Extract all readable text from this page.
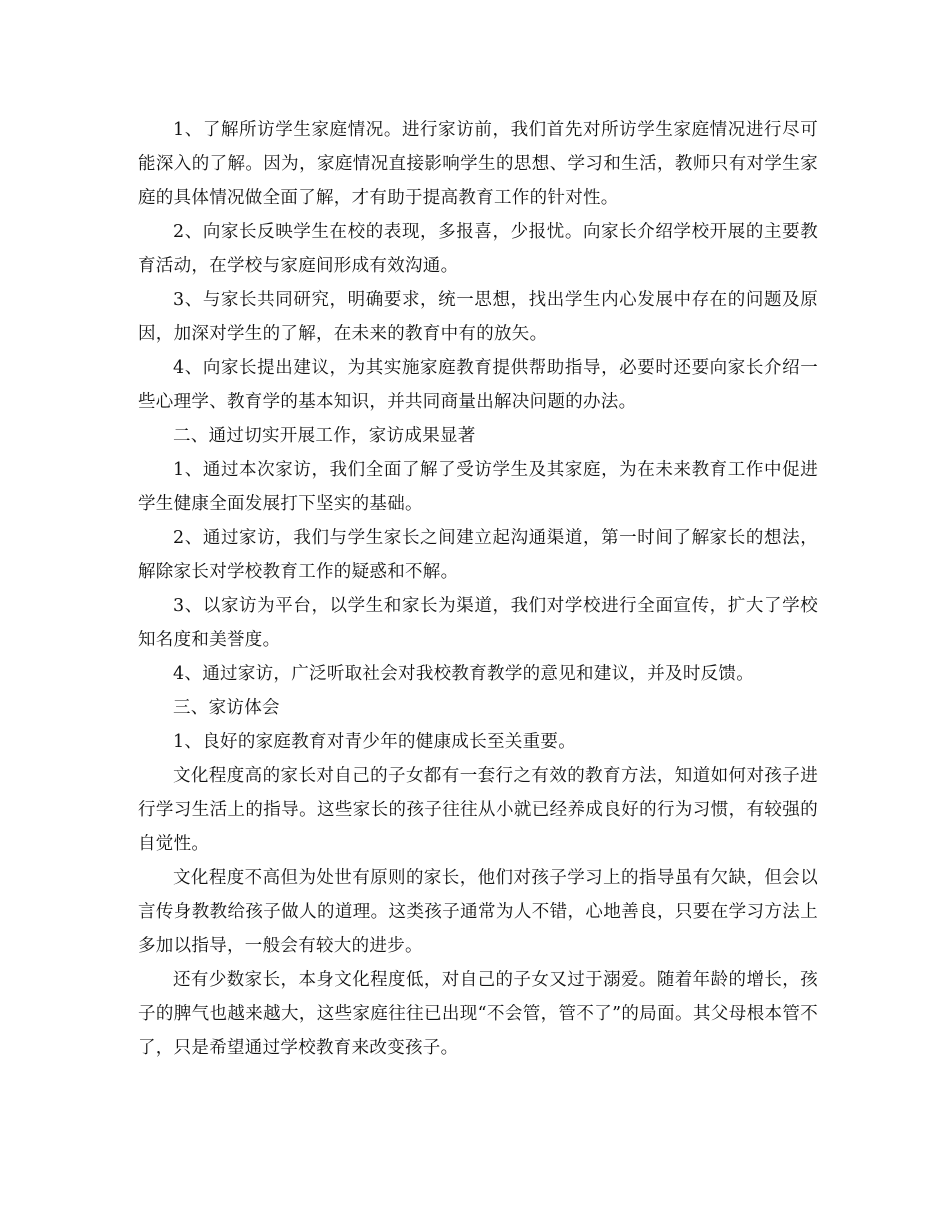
1、了解所访学生家庭情况。进行家访前，我们首先对所访学生家庭情况进行尽可能深入的了解。因为，家庭情况直接影响学生的思想、学习和生活，教师只有对学生家庭的具体情况做全面了解，才有助于提高教育工作的针对性。

2、向家长反映学生在校的表现，多报喜，少报忧。向家长介绍学校开展的主要教育活动，在学校与家庭间形成有效沟通。

3、与家长共同研究，明确要求，统一思想，找出学生内心发展中存在的问题及原因，加深对学生的了解，在未来的教育中有的放矢。

4、向家长提出建议，为其实施家庭教育提供帮助指导，必要时还要向家长介绍一些心理学、教育学的基本知识，并共同商量出解决问题的办法。

二、通过切实开展工作，家访成果显著

1、通过本次家访，我们全面了解了受访学生及其家庭，为在未来教育工作中促进学生健康全面发展打下坚实的基础。

2、通过家访，我们与学生家长之间建立起沟通渠道，第一时间了解家长的想法，解除家长对学校教育工作的疑惑和不解。

3、以家访为平台，以学生和家长为渠道，我们对学校进行全面宣传，扩大了学校知名度和美誉度。

4、通过家访，广泛听取社会对我校教育教学的意见和建议，并及时反馈。

三、家访体会

1、良好的家庭教育对青少年的健康成长至关重要。

文化程度高的家长对自己的子女都有一套行之有效的教育方法，知道如何对孩子进行学习生活上的指导。这些家长的孩子往往从小就已经养成良好的行为习惯，有较强的自觉性。

文化程度不高但为处世有原则的家长，他们对孩子学习上的指导虽有欠缺，但会以言传身教教给孩子做人的道理。这类孩子通常为人不错，心地善良，只要在学习方法上多加以指导，一般会有较大的进步。

还有少数家长，本身文化程度低，对自己的子女又过于溺爱。随着年龄的增长，孩子的脾气也越来越大，这些家庭往往已出现“不会管，管不了”的局面。其父母根本管不了，只是希望通过学校教育来改变孩子。
